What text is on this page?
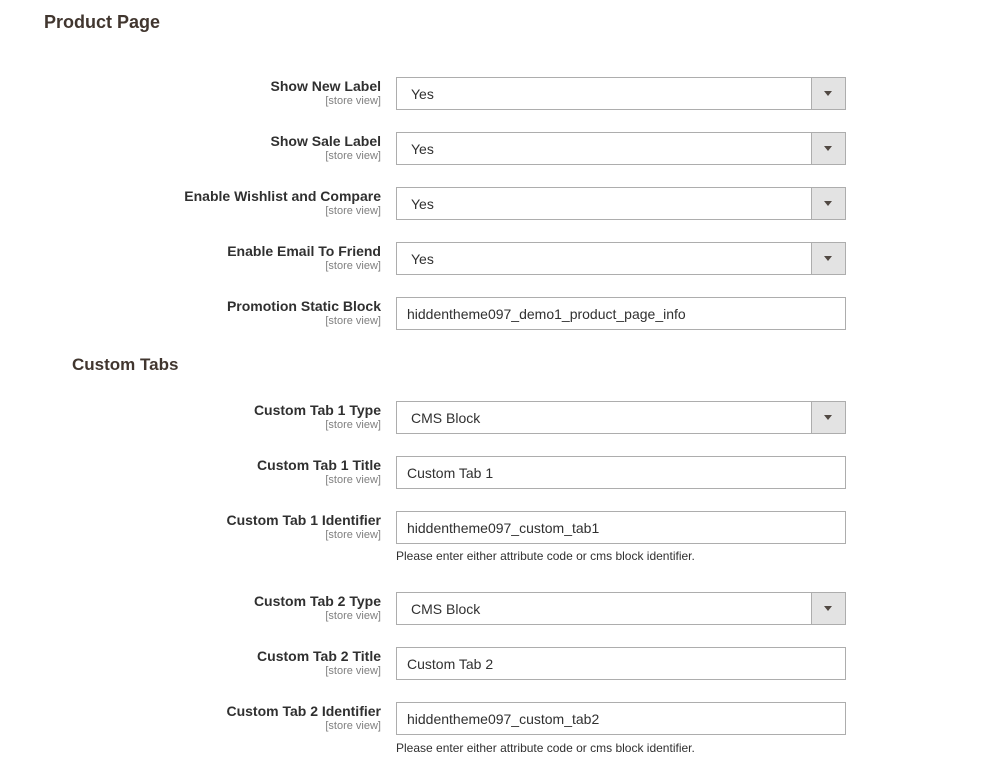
Product Page
Show New Label
[store view] Yes
Show Sale Label
[store view] Yes
Enable Wishlist and Compare
[store view] Yes
Enable Email To Friend
[store view] Yes
Promotion Static Block
[store view]
hiddentheme097_demo1_product_page_info
Custom Tabs
Custom Tab 1 Type
[store view] CMS Block
Custom Tab 1 Title
[store view]
Custom Tab 1
Custom Tab 1 Identifier
[store view]
hiddentheme097_custom_tab1
Please enter either attribute code or cms block identifier.
Custom Tab 2 Type
[store view] CMS Block
Custom Tab 2 Title
[store view]
Custom Tab 2
Custom Tab 2 Identifier
[store view]
hiddentheme097_custom_tab2
Please enter either attribute code or cms block identifier.
